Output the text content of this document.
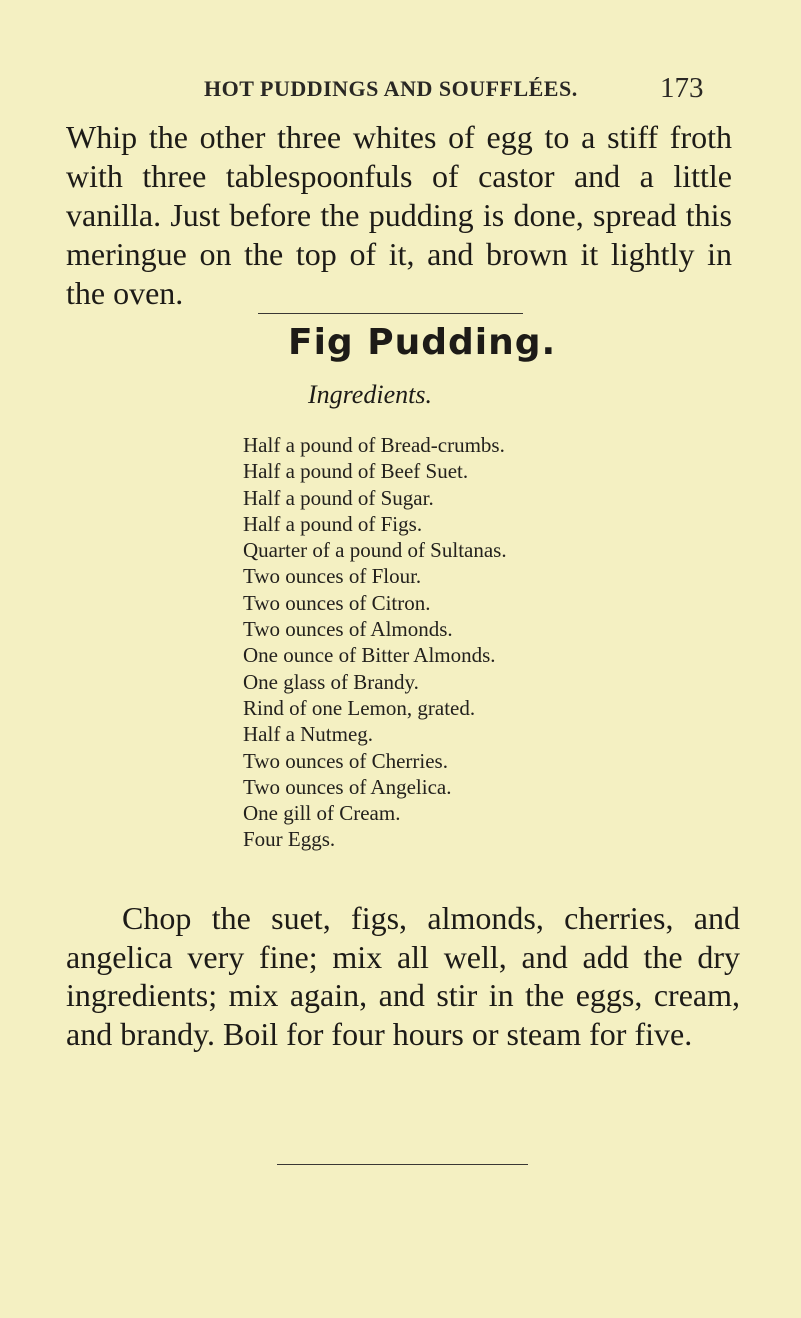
HOT PUDDINGS AND SOUFFLÉES.	173

Whip the other three whites of egg to a stiff froth with three tablespoonfuls of castor and a little vanilla. Just before the pudding is done, spread this meringue on the top of it, and brown it lightly in the oven.

Fig Pudding.
Ingredients.
Half a pound of Bread-crumbs.
Half a pound of Beef Suet.
Half a pound of Sugar.
Half a pound of Figs.
Quarter of a pound of Sultanas.
Two ounces of Flour.
Two ounces of Citron.
Two ounces of Almonds.
One ounce of Bitter Almonds.
One glass of Brandy.
Rind of one Lemon, grated.
Half a Nutmeg.
Two ounces of Cherries.
Two ounces of Angelica.
One gill of Cream.
Four Eggs.

Chop the suet, figs, almonds, cherries, and angelica very fine; mix all well, and add the dry ingredients; mix again, and stir in the eggs, cream, and brandy. Boil for four hours or steam for five.
